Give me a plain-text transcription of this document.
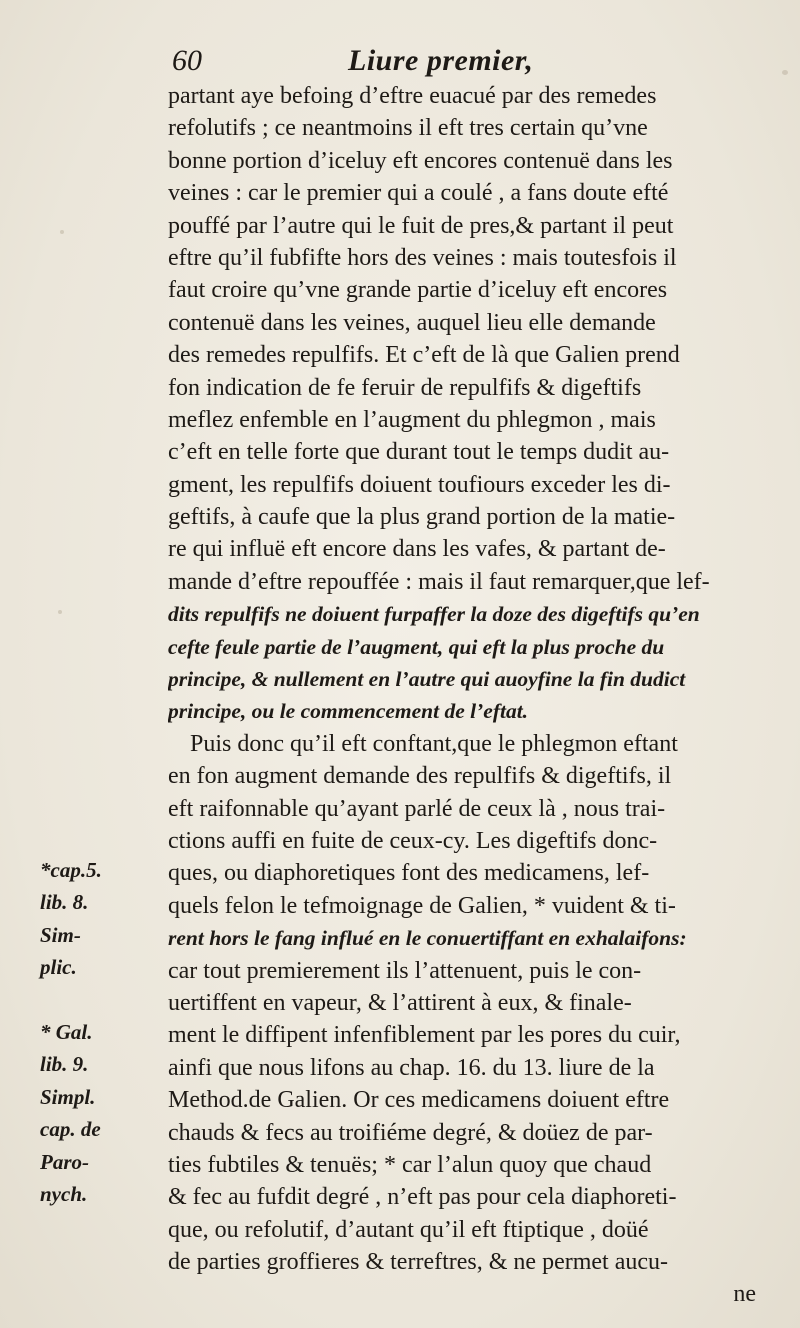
60	Liure premier,
partant aye befoing d’eftre euacué par des remedes
refolutifs ; ce neantmoins il eft tres certain qu’vne
bonne portion d’iceluy eft encores contenuë dans les
veines : car le premier qui a coulé , a fans doute efté
pouffé par l’autre qui le fuit de pres,& partant il peut
eftre qu’il fubfifte hors des veines : mais toutesfois il
faut croire qu’vne grande partie d’iceluy eft encores
contenuë dans les veines, auquel lieu elle demande
des remedes repulfifs. Et c’eft de là que Galien prend
fon indication de fe feruir de repulfifs & digeftifs
meflez enfemble en l’augment du phlegmon , mais
c’eft en telle forte que durant tout le temps dudit au-
gment, les repulfifs doiuent toufiours exceder les di-
geftifs, à caufe que la plus grand portion de la matie-
re qui influë eft encore dans les vafes, & partant de-
mande d’eftre repouffée : mais il faut remarquer,que lef-
dits repulfifs ne doiuent furpaffer la doze des digeftifs qu’en
cefte feule partie de l’augment, qui eft la plus proche du
principe, & nullement en l’autre qui auoyfine la fin dudict
principe, ou le commencement de l’eftat.
Puis donc qu’il eft conftant,que le phlegmon eftant
en fon augment demande des repulfifs & digeftifs, il
eft raifonnable qu’ayant parlé de ceux là , nous trai-
ctions auffi en fuite de ceux-cy. Les digeftifs donc-
ques, ou diaphoretiques font des medicamens, lef-
quels felon le tefmoignage de Galien, * vuident & ti-
rent hors le fang influé en le conuertiffant en exhalaifons:
car tout premierement ils l’attenuent, puis le con-
uertiffent en vapeur, & l’attirent à eux, & finale-
ment le diffipent infenfiblement par les pores du cuir,
ainfi que nous lifons au chap. 16. du 13. liure de la
Method.de Galien. Or ces medicamens doiuent eftre
chauds & fecs au troifiéme degré, & doüez de par-
ties fubtiles & tenuës; * car l’alun quoy que chaud
& fec au fufdit degré , n’eft pas pour cela diaphoreti-
que, ou refolutif, d’autant qu’il eft ftiptique , doüé
de parties groffieres & terreftres, & ne permet aucu-
ne
*cap.5.
lib. 8.
Sim-
plic.
* Gal.
lib. 9.
Simpl.
cap. de
Paro-
nych.
